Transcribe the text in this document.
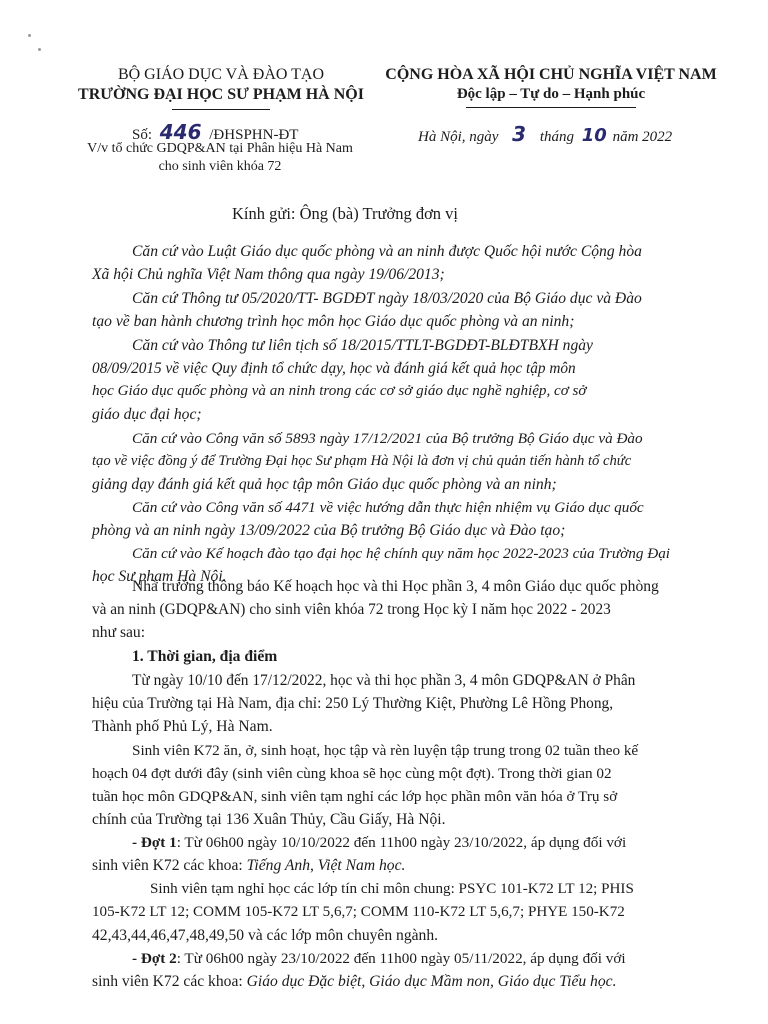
BỘ GIÁO DỤC VÀ ĐÀO TẠO
TRƯỜNG ĐẠI HỌC SƯ PHẠM HÀ NỘI
CỘNG HÒA XÃ HỘI CHỦ NGHĨA VIỆT NAM
Độc lập – Tự do – Hạnh phúc
Số: 446 /ĐHSPHN-ĐT
V/v tổ chức GDQP&AN tại Phân hiệu Hà Nam
cho sinh viên khóa 72
Hà Nội, ngày 3 tháng 10 năm 2022
Kính gửi: Ông (bà) Trưởng đơn vị
Căn cứ vào Luật Giáo dục quốc phòng và an ninh được Quốc hội nước Cộng hòa
Xã hội Chủ nghĩa Việt Nam thông qua ngày 19/06/2013;
Căn cứ Thông tư 05/2020/TT- BGDĐT ngày 18/03/2020 của Bộ Giáo dục và Đào
tạo về ban hành chương trình học môn học Giáo dục quốc phòng và an ninh;
Căn cứ vào Thông tư liên tịch số 18/2015/TTLT-BGDĐT-BLĐTBXH ngày
08/09/2015 về việc Quy định tổ chức dạy, học và đánh giá kết quả học tập môn
học Giáo dục quốc phòng và an ninh trong các cơ sở giáo dục nghề nghiệp, cơ sở
giáo dục đại học;
Căn cứ vào Công văn số 5893 ngày 17/12/2021 của Bộ trưởng Bộ Giáo dục và Đào
tạo về việc đồng ý để Trường Đại học Sư phạm Hà Nội là đơn vị chủ quản tiến hành tổ chức
giảng dạy đánh giá kết quả học tập môn Giáo dục quốc phòng và an ninh;
Căn cứ vào Công văn số 4471 về việc hướng dẫn thực hiện nhiệm vụ Giáo dục quốc
phòng và an ninh ngày 13/09/2022 của Bộ trưởng Bộ Giáo dục và Đào tạo;
Căn cứ vào Kế hoạch đào tạo đại học hệ chính quy năm học 2022-2023 của Trường Đại
học Sư phạm Hà Nội.
Nhà trường thông báo Kế hoạch học và thi Học phần 3, 4 môn Giáo dục quốc phòng
và an ninh (GDQP&AN) cho sinh viên khóa 72 trong Học kỳ I năm học 2022 - 2023
như sau:
1. Thời gian, địa điểm
Từ ngày 10/10 đến 17/12/2022, học và thi học phần 3, 4 môn GDQP&AN ở Phân
hiệu của Trường tại Hà Nam, địa chỉ: 250 Lý Thường Kiệt, Phường Lê Hồng Phong,
Thành phố Phủ Lý, Hà Nam.
Sinh viên K72 ăn, ở, sinh hoạt, học tập và rèn luyện tập trung trong 02 tuần theo kế
hoạch 04 đợt dưới đây (sinh viên cùng khoa sẽ học cùng một đợt). Trong thời gian 02
tuần học môn GDQP&AN, sinh viên tạm nghỉ các lớp học phần môn văn hóa ở Trụ sở
chính của Trường tại 136 Xuân Thủy, Cầu Giấy, Hà Nội.
- Đợt 1: Từ 06h00 ngày 10/10/2022 đến 11h00 ngày 23/10/2022, áp dụng đối với
sinh viên K72 các khoa: Tiếng Anh, Việt Nam học.
Sinh viên tạm nghỉ học các lớp tín chỉ môn chung: PSYC 101-K72 LT 12; PHIS
105-K72 LT 12; COMM 105-K72 LT 5,6,7; COMM 110-K72 LT 5,6,7; PHYE 150-K72
42,43,44,46,47,48,49,50 và các lớp môn chuyên ngành.
- Đợt 2: Từ 06h00 ngày 23/10/2022 đến 11h00 ngày 05/11/2022, áp dụng đối với
sinh viên K72 các khoa: Giáo dục Đặc biệt, Giáo dục Mầm non, Giáo dục Tiểu học.
